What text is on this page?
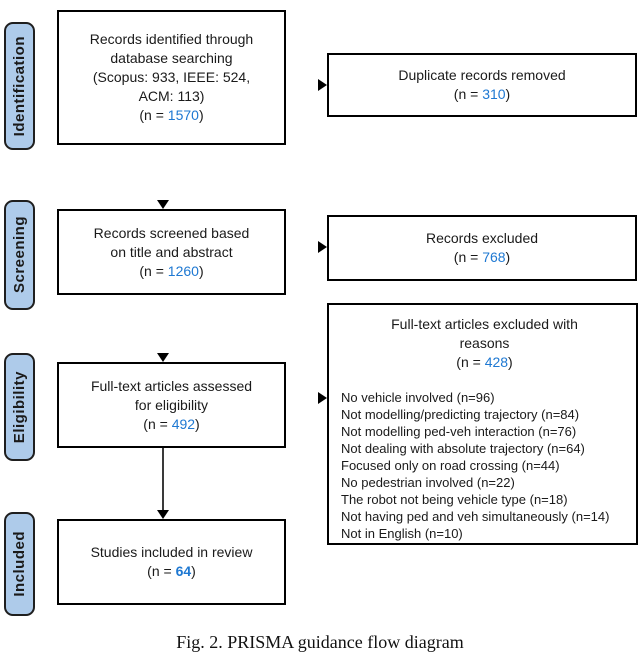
Identification
Screening
Eligibility
Included
Records identified through
database searching
(Scopus: 933, IEEE: 524,
ACM: 113)
(n = 1570)
Records screened based
on title and abstract
(n = 1260)
Full-text articles assessed
for eligibility
(n = 492)
Studies included in review
(n = 64)
Duplicate records removed
(n = 310)
Records excluded
(n = 768)
Full-text articles excluded with
reasons
(n = 428)
No vehicle involved (n=96)
Not modelling/predicting trajectory (n=84)
Not modelling ped-veh interaction (n=76)
Not dealing with absolute trajectory (n=64)
Focused only on road crossing (n=44)
No pedestrian involved (n=22)
The robot not being vehicle type (n=18)
Not having ped and veh simultaneously (n=14)
Not in English (n=10)
Fig. 2. PRISMA guidance flow diagram
